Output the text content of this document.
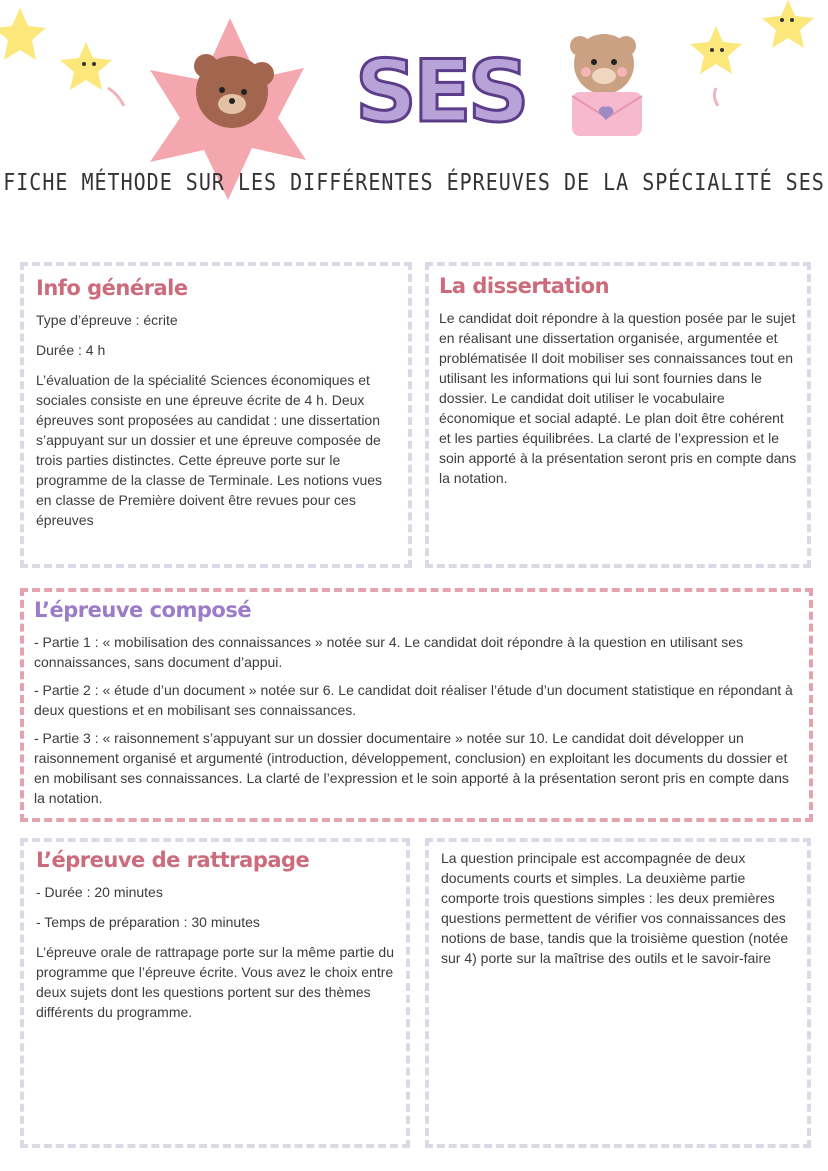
SES
FICHE MÉTHODE SUR LES DIFFÉRENTES ÉPREUVES DE LA SPÉCIALITÉ SES
Info générale

Type d’épreuve : écrite

Durée : 4 h

L’évaluation de la spécialité Sciences économiques et sociales consiste en une épreuve écrite de 4 h. Deux épreuves sont proposées au candidat : une dissertation s’appuyant sur un dossier et une épreuve composée de trois parties distinctes. Cette épreuve porte sur le programme de la classe de Terminale. Les notions vues en classe de Première doivent être revues pour ces épreuves

La dissertation

Le candidat doit répondre à la question posée par le sujet en réalisant une dissertation organisée, argumentée et problématisée Il doit mobiliser ses connaissances tout en utilisant les informations qui lui sont fournies dans le dossier. Le candidat doit utiliser le vocabulaire économique et social adapté. Le plan doit être cohérent et les parties équilibrées. La clarté de l’expression et le soin apporté à la présentation seront pris en compte dans la notation.

L’épreuve composé

- Partie 1 : « mobilisation des connaissances » notée sur 4. Le candidat doit répondre à la question en utilisant ses connaissances, sans document d’appui.

- Partie 2 : « étude d’un document » notée sur 6. Le candidat doit réaliser l’étude d’un document statistique en répondant à deux questions et en mobilisant ses connaissances.

- Partie 3 : « raisonnement s’appuyant sur un dossier documentaire » notée sur 10. Le candidat doit développer un raisonnement organisé et argumenté (introduction, développement, conclusion) en exploitant les documents du dossier et en mobilisant ses connaissances. La clarté de l’expression et le soin apporté à la présentation seront pris en compte dans la notation.

L’épreuve de rattrapage

- Durée : 20 minutes

- Temps de préparation : 30 minutes

L’épreuve orale de rattrapage porte sur la même partie du programme que l’épreuve écrite. Vous avez le choix entre deux sujets dont les questions portent sur des thèmes différents du programme.

La question principale est accompagnée de deux documents courts et simples. La deuxième partie comporte trois questions simples : les deux premières questions permettent de vérifier vos connaissances des notions de base, tandis que la troisième question (notée sur 4) porte sur la maîtrise des outils et le savoir-faire
